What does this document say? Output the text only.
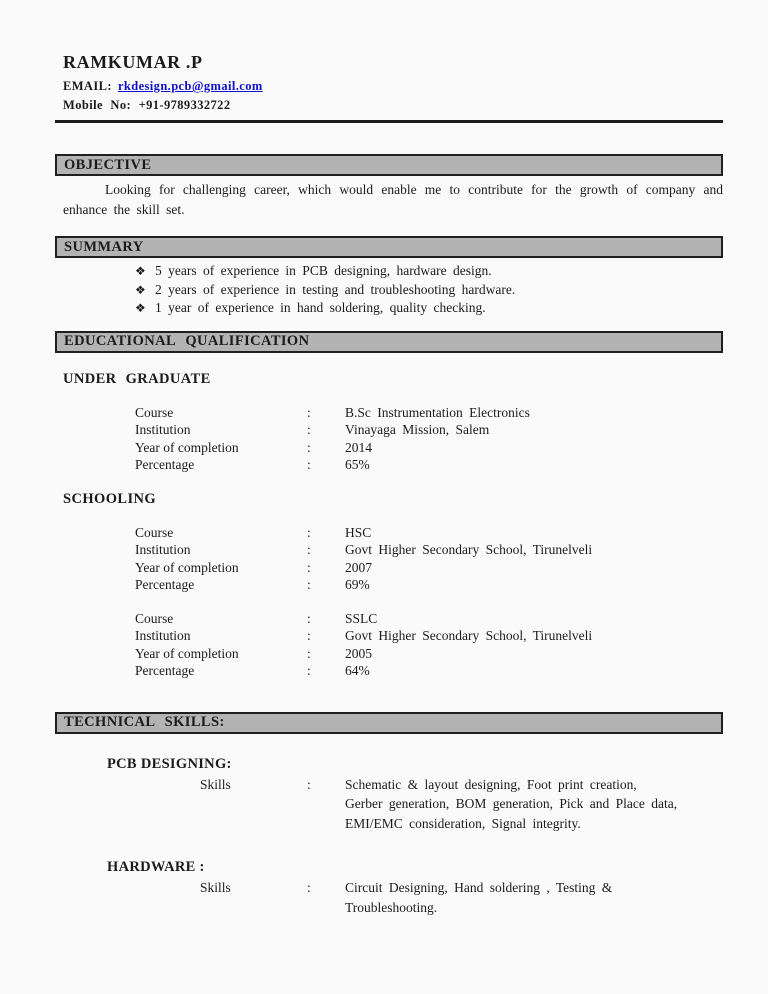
RAMKUMAR .P
EMAIL: rkdesign.pcb@gmail.com
Mobile No: +91-9789332722
OBJECTIVE

Looking for challenging career, which would enable me to contribute for the growth of company and enhance the skill set.

SUMMARY
❖ 5 years of experience in PCB designing, hardware design.
❖ 2 years of experience in testing and troubleshooting hardware.
❖ 1 year of experience in hand soldering, quality checking.
EDUCATIONAL QUALIFICATION
UNDER GRADUATE
Course	:	B.Sc Instrumentation Electronics
Institution	:	Vinayaga Mission, Salem
Year of completion	:	2014
Percentage	:	65%
SCHOOLING
Course	:	HSC
Institution	:	Govt Higher Secondary School, Tirunelveli
Year of completion	:	2007
Percentage	:	69%
Course	:	SSLC
Institution	:	Govt Higher Secondary School, Tirunelveli
Year of completion	:	2005
Percentage	:	64%
TECHNICAL SKILLS:
PCB DESIGNING:
Skills	:	Schematic & layout designing, Foot print creation,
Gerber generation, BOM generation, Pick and Place data,
EMI/EMC consideration, Signal integrity.
HARDWARE :
Skills	:	Circuit Designing, Hand soldering , Testing &
Troubleshooting.
